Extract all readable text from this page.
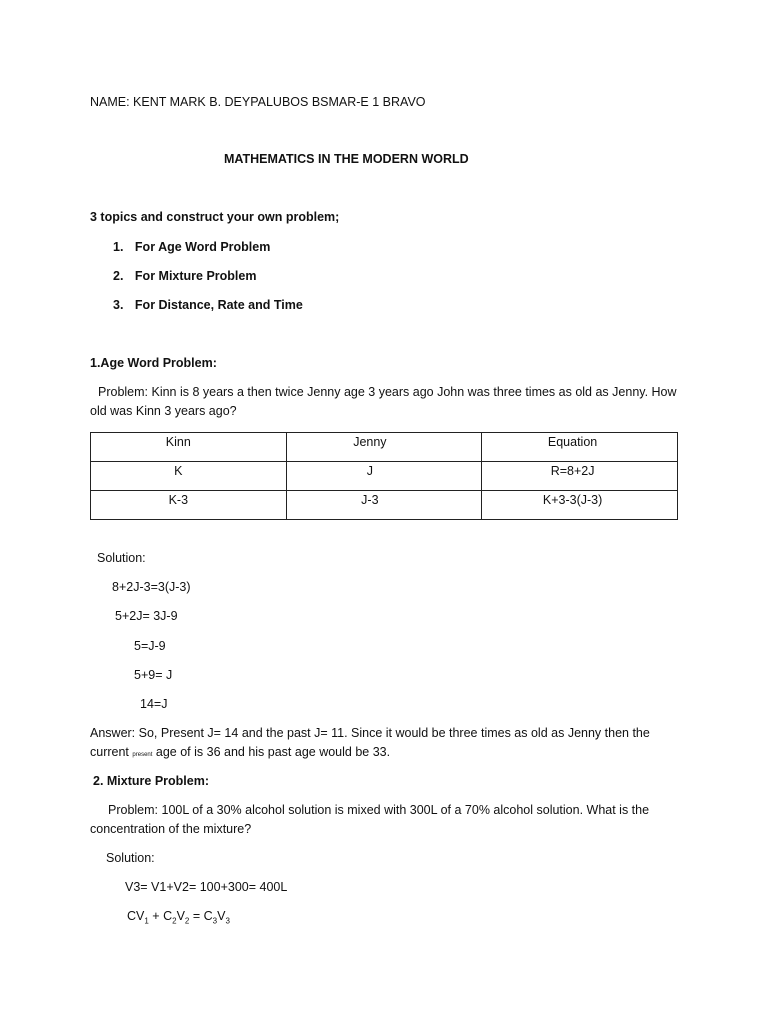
NAME: KENT MARK B. DEYPALUBOS BSMAR-E 1 BRAVO
MATHEMATICS IN THE MODERN WORLD
3 topics and construct your own problem;
1. For Age Word Problem
2. For Mixture Problem
3. For Distance, Rate and Time
1.Age Word Problem:
Problem: Kinn is 8 years a then twice Jenny age 3 years ago John was three times as old as Jenny. How
old was Kinn 3 years ago?
Kinn	Jenny	Equation

K	J	R=8+2J

K-3	J-3	K+3-3(J-3)
Solution:
8+2J-3=3(J-3)
5+2J= 3J-9
5=J-9
5+9= J
14=J
Answer: So, Present J= 14 and the past J= 11. Since it would be three times as old as Jenny then the
current present age of is 36 and his past age would be 33.
2. Mixture Problem:
Problem: 100L of a 30% alcohol solution is mixed with 300L of a 70% alcohol solution. What is the
concentration of the mixture?
Solution:
V3= V1+V2= 100+300= 400L
$CV_1 + C_2V_2 = C_3V_3$
